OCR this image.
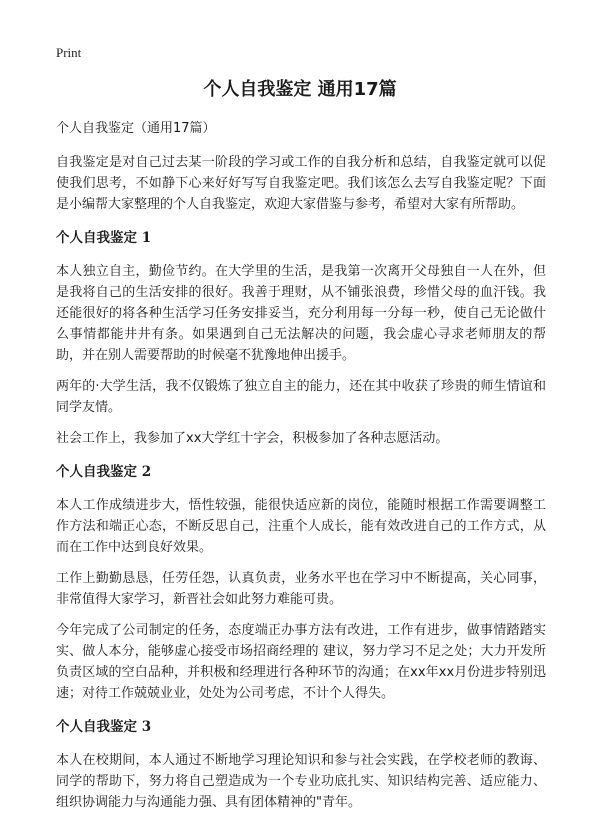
Print
个人自我鉴定 通用17篇
个人自我鉴定（通用17篇）

自我鉴定是对自己过去某一阶段的学习或工作的自我分析和总结，自我鉴定就可以促使我们思考，不如静下心来好好写写自我鉴定吧。我们该怎么去写自我鉴定呢？下面是小编帮大家整理的个人自我鉴定，欢迎大家借鉴与参考，希望对大家有所帮助。

个人自我鉴定 1

本人独立自主，勤俭节约。在大学里的生活，是我第一次离开父母独自一人在外，但是我将自己的生活安排的很好。我善于理财，从不铺张浪费，珍惜父母的血汗钱。我还能很好的将各种生活学习任务安排妥当，充分利用每一分每一秒，使自己无论做什么事情都能井井有条。如果遇到自己无法解决的问题，我会虚心寻求老师朋友的帮助，并在别人需要帮助的时候毫不犹豫地伸出援手。

两年的·大学生活，我不仅锻炼了独立自主的能力，还在其中收获了珍贵的师生情谊和同学友情。

社会工作上，我参加了xx大学红十字会，积极参加了各种志愿活动。

个人自我鉴定 2

本人工作成绩进步大，悟性较强，能很快适应新的岗位，能随时根据工作需要调整工作方法和端正心态，不断反思自己，注重个人成长，能有效改进自己的工作方式，从而在工作中达到良好效果。

工作上勤勤恳恳，任劳任怨，认真负责，业务水平也在学习中不断提高，关心同事，非常值得大家学习，新晋社会如此努力难能可贵。

今年完成了公司制定的任务，态度端正办事方法有改进，工作有进步，做事情踏踏实实、做人本分，能够虚心接受市场招商经理的 建议，努力学习不足之处；大力开发所负责区域的空白品种，并积极和经理进行各种环节的沟通；在xx年xx月份进步特别迅速；对待工作兢兢业业，处处为公司考虑，不计个人得失。

个人自我鉴定 3

本人在校期间，本人通过不断地学习理论知识和参与社会实践，在学校老师的教诲、同学的帮助下，努力将自己塑造成为一个专业功底扎实、知识结构完善、适应能力、组织协调能力与沟通能力强、具有团体精神的"青年。
